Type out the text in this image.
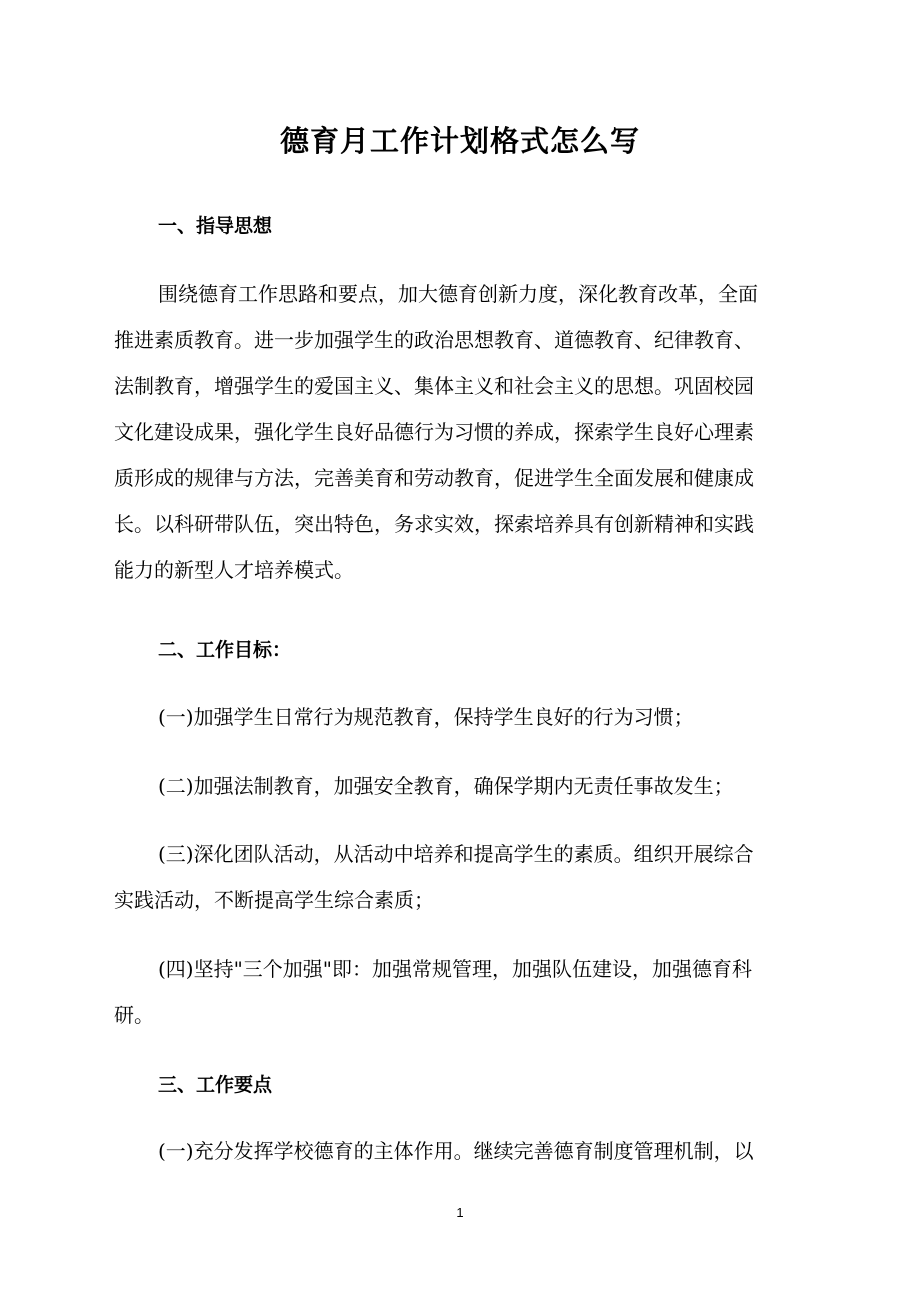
德育月工作计划格式怎么写
一、指导思想
围绕德育工作思路和要点，加大德育创新力度，深化教育改革，全面
推进素质教育。进一步加强学生的政治思想教育、道德教育、纪律教育、
法制教育，增强学生的爱国主义、集体主义和社会主义的思想。巩固校园
文化建设成果，强化学生良好品德行为习惯的养成，探索学生良好心理素
质形成的规律与方法，完善美育和劳动教育，促进学生全面发展和健康成
长。以科研带队伍，突出特色，务求实效，探索培养具有创新精神和实践
能力的新型人才培养模式。
二、工作目标：
(一)加强学生日常行为规范教育，保持学生良好的行为习惯；
(二)加强法制教育，加强安全教育，确保学期内无责任事故发生；
(三)深化团队活动，从活动中培养和提高学生的素质。组织开展综合
实践活动，不断提高学生综合素质；
(四)坚持"三个加强"即：加强常规管理，加强队伍建设，加强德育科
研。
三、工作要点
(一)充分发挥学校德育的主体作用。继续完善德育制度管理机制，以
1
